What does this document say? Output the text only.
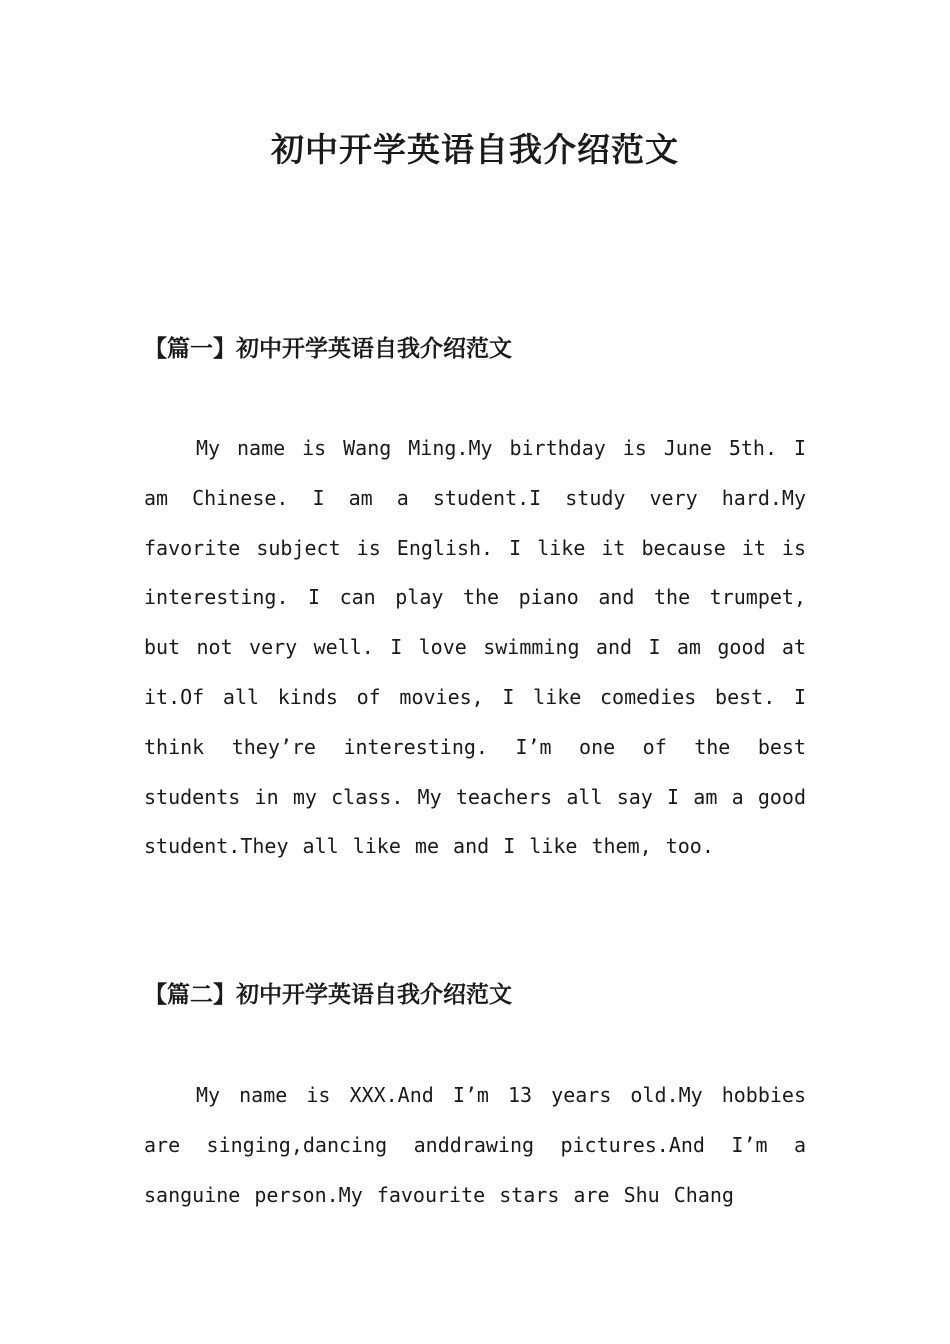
初中开学英语自我介绍范文
【篇一】初中开学英语自我介绍范文

My name is Wang Ming.My birthday is June 5th. I am Chinese. I am a student.I study very hard.My favorite subject is English. I like it because it is interesting. I can play the piano and the trumpet, but not very well. I love swimming and I am good at it.Of all kinds of movies, I like comedies best. I think they’re interesting. I’m one of the best students in my class. My teachers all say I am a good student.They all like me and I like them, too.

【篇二】初中开学英语自我介绍范文

My name is XXX.And I’m 13 years old.My hobbies are singing,dancing anddrawing pictures.And I’m a sanguine person.My favourite stars are Shu Chang
